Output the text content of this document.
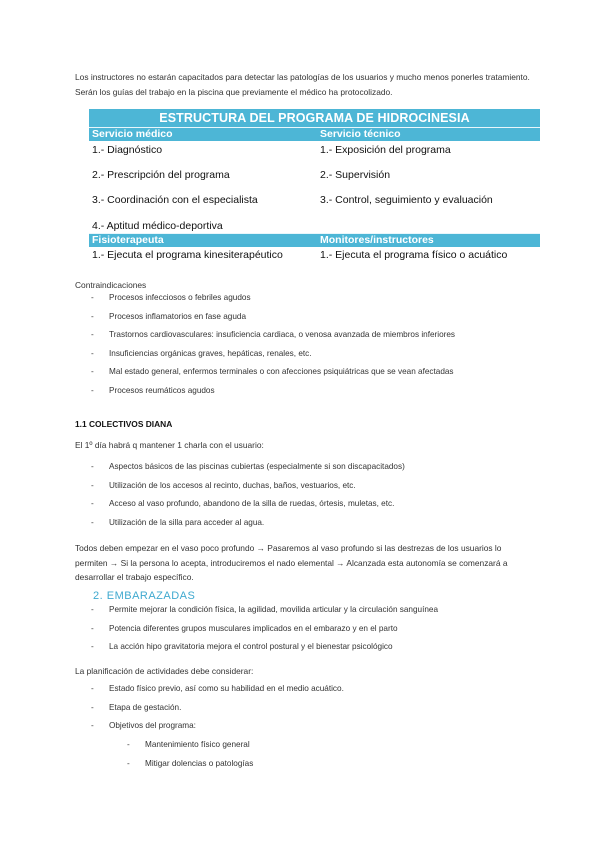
Los instructores no estarán capacitados para detectar las patologías de los usuarios y mucho menos ponerles tratamiento. Serán los guías del trabajo en la piscina que previamente el médico ha protocolizado.

ESTRUCTURA DEL PROGRAMA DE HIDROCINESIA
Servicio médico	Servicio técnico
1.- Diagnóstico	1.- Exposición del programa
2.- Prescripción del programa	2.- Supervisión
3.- Coordinación con el especialista	3.- Control, seguimiento y evaluación
4.- Aptitud médico-deportiva
Fisioterapeuta	Monitores/instructores
1.- Ejecuta el programa kinesiterapéutico	1.- Ejecuta el programa físico o acuático
Contraindicaciones
- Procesos infecciosos o febriles agudos
- Procesos inflamatorios en fase aguda
- Trastornos cardiovasculares: insuficiencia cardiaca, o venosa avanzada de miembros inferiores
- Insuficiencias orgánicas graves, hepáticas, renales, etc.
- Mal estado general, enfermos terminales o con afecciones psiquiátricas que se vean afectadas
- Procesos reumáticos agudos
1.1 COLECTIVOS DIANA
El 1º día habrá q mantener 1 charla con el usuario:
- Aspectos básicos de las piscinas cubiertas (especialmente si son discapacitados)
- Utilización de los accesos al recinto, duchas, baños, vestuarios, etc.
- Acceso al vaso profundo, abandono de la silla de ruedas, órtesis, muletas, etc.
- Utilización de la silla para acceder al agua.

Todos deben empezar en el vaso poco profundo → Pasaremos al vaso profundo si las destrezas de los usuarios lo permiten → Si la persona lo acepta, introduciremos el nado elemental → Alcanzada esta autonomía se comenzará a desarrollar el trabajo específico.

2. EMBARAZADAS
- Permite mejorar la condición física, la agilidad, movilida articular y la circulación sanguínea
- Potencia diferentes grupos musculares implicados en el embarazo y en el parto
- La acción hipo gravitatoria mejora el control postural y el bienestar psicológico
La planificación de actividades debe considerar:
- Estado físico previo, así como su habilidad en el medio acuático.
- Etapa de gestación.
- Objetivos del programa:
- Mantenimiento físico general
- Mitigar dolencias o patologías
